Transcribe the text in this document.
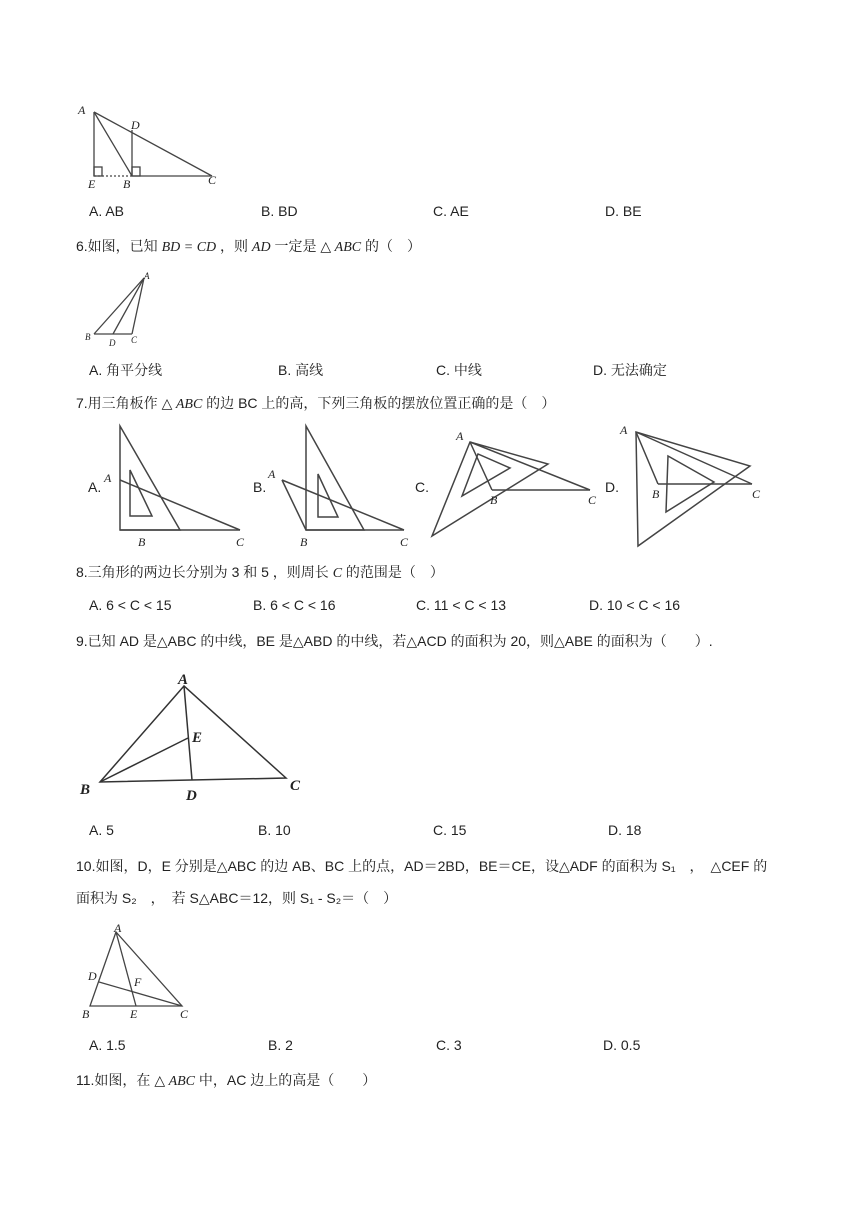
A
D
E B	C
A. AB	B. BD	C. AE	D. BE
6.如图，已知 BD = CD ，则 AD 一定是 △ ABC 的（　）
A
B
D C
A. 角平分线	B. 高线	C. 中线	D. 无法确定
7.用三角板作 △ ABC 的边 BC 上的高，下列三角板的摆放位置正确的是（　）
A.
A
B	C
B.
A
B	C
C.
A
B	C
D.
A
B	C
8.三角形的两边长分别为 3 和 5 ，则周长 C 的范围是（　）
A. 6 < C < 15	B. 6 < C < 16	C. 11 < C < 13	D. 10 < C < 16
9.已知 AD 是△ABC 的中线，BE 是△ABD 的中线，若△ACD 的面积为 20，则△ABE 的面积为（　　）.
A
E
B	D
C
A. 5	B. 10	C. 15	D. 18
10.如图，D，E 分别是△ABC 的边 AB、BC 上的点，AD＝2BD，BE＝CE，设△ADF 的面积为 S₁　，　△CEF 的
面积为 S₂　，　若 S△ABC＝12，则 S₁ - S₂＝（　）
A
D	F
B	E	C
A. 1.5	B. 2	C. 3	D. 0.5
11.如图，在 △ ABC 中，AC 边上的高是（　　）
